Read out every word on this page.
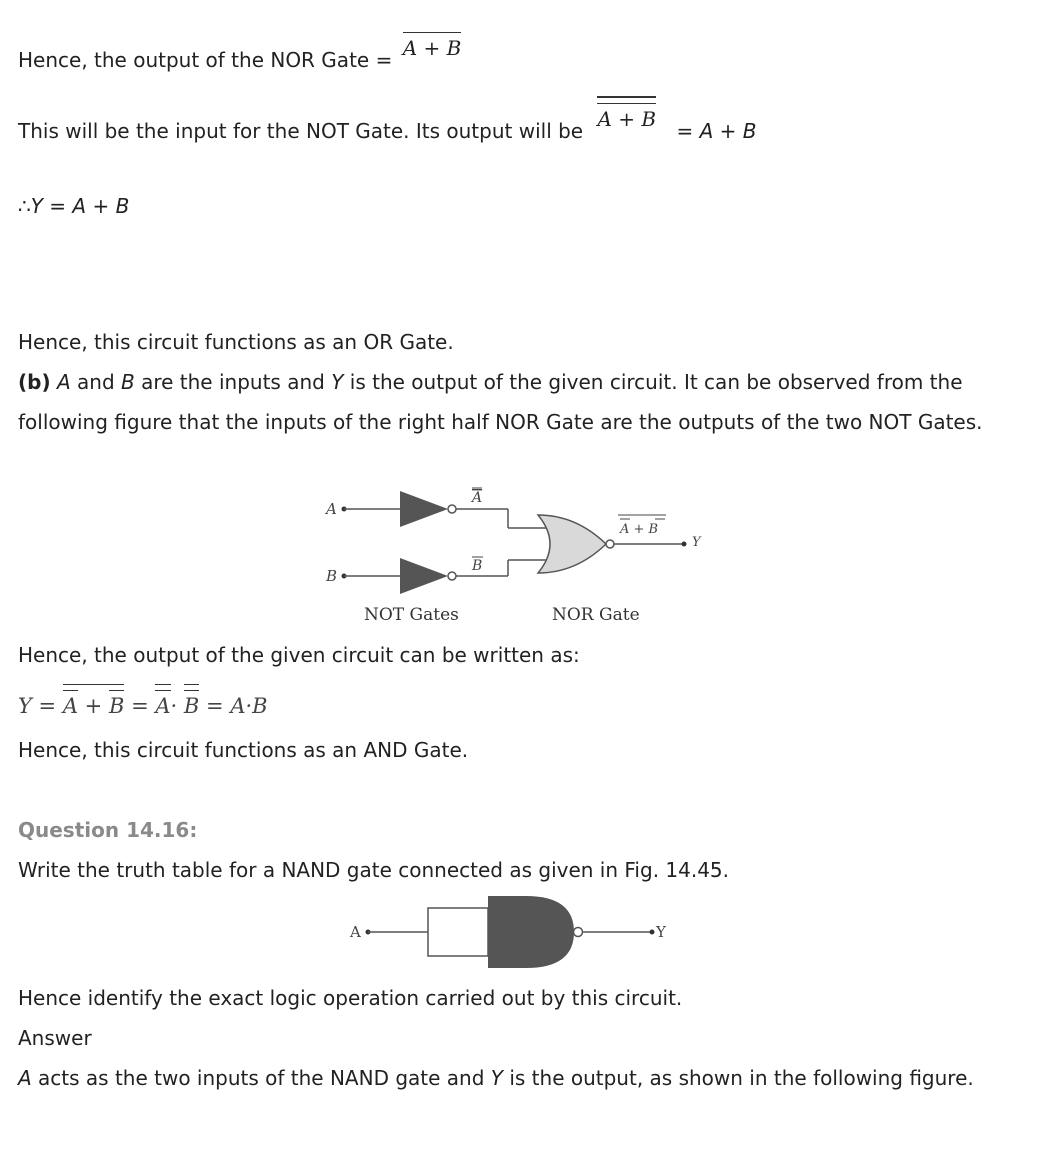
Hence, the output of the NOR Gate = A + B
This will be the input for the NOT Gate. Its output will be A + B = A + B
∴Y = A + B
Hence, this circuit functions as an OR Gate.
(b) A and B are the inputs and Y is the output of the given circuit. It can be observed from the following figure that the inputs of the right half NOR Gate are the outputs of the two NOT Gates.
A
A
B
B
A + B
Y
NOT Gates	NOR Gate
Hence, the output of the given circuit can be written as:
Y = A + B = A· B = A·B
Hence, this circuit functions as an AND Gate.
Question 14.16:
Write the truth table for a NAND gate connected as given in Fig. 14.45.
A	Y
Hence identify the exact logic operation carried out by this circuit.
Answer
A acts as the two inputs of the NAND gate and Y is the output, as shown in the following figure.
